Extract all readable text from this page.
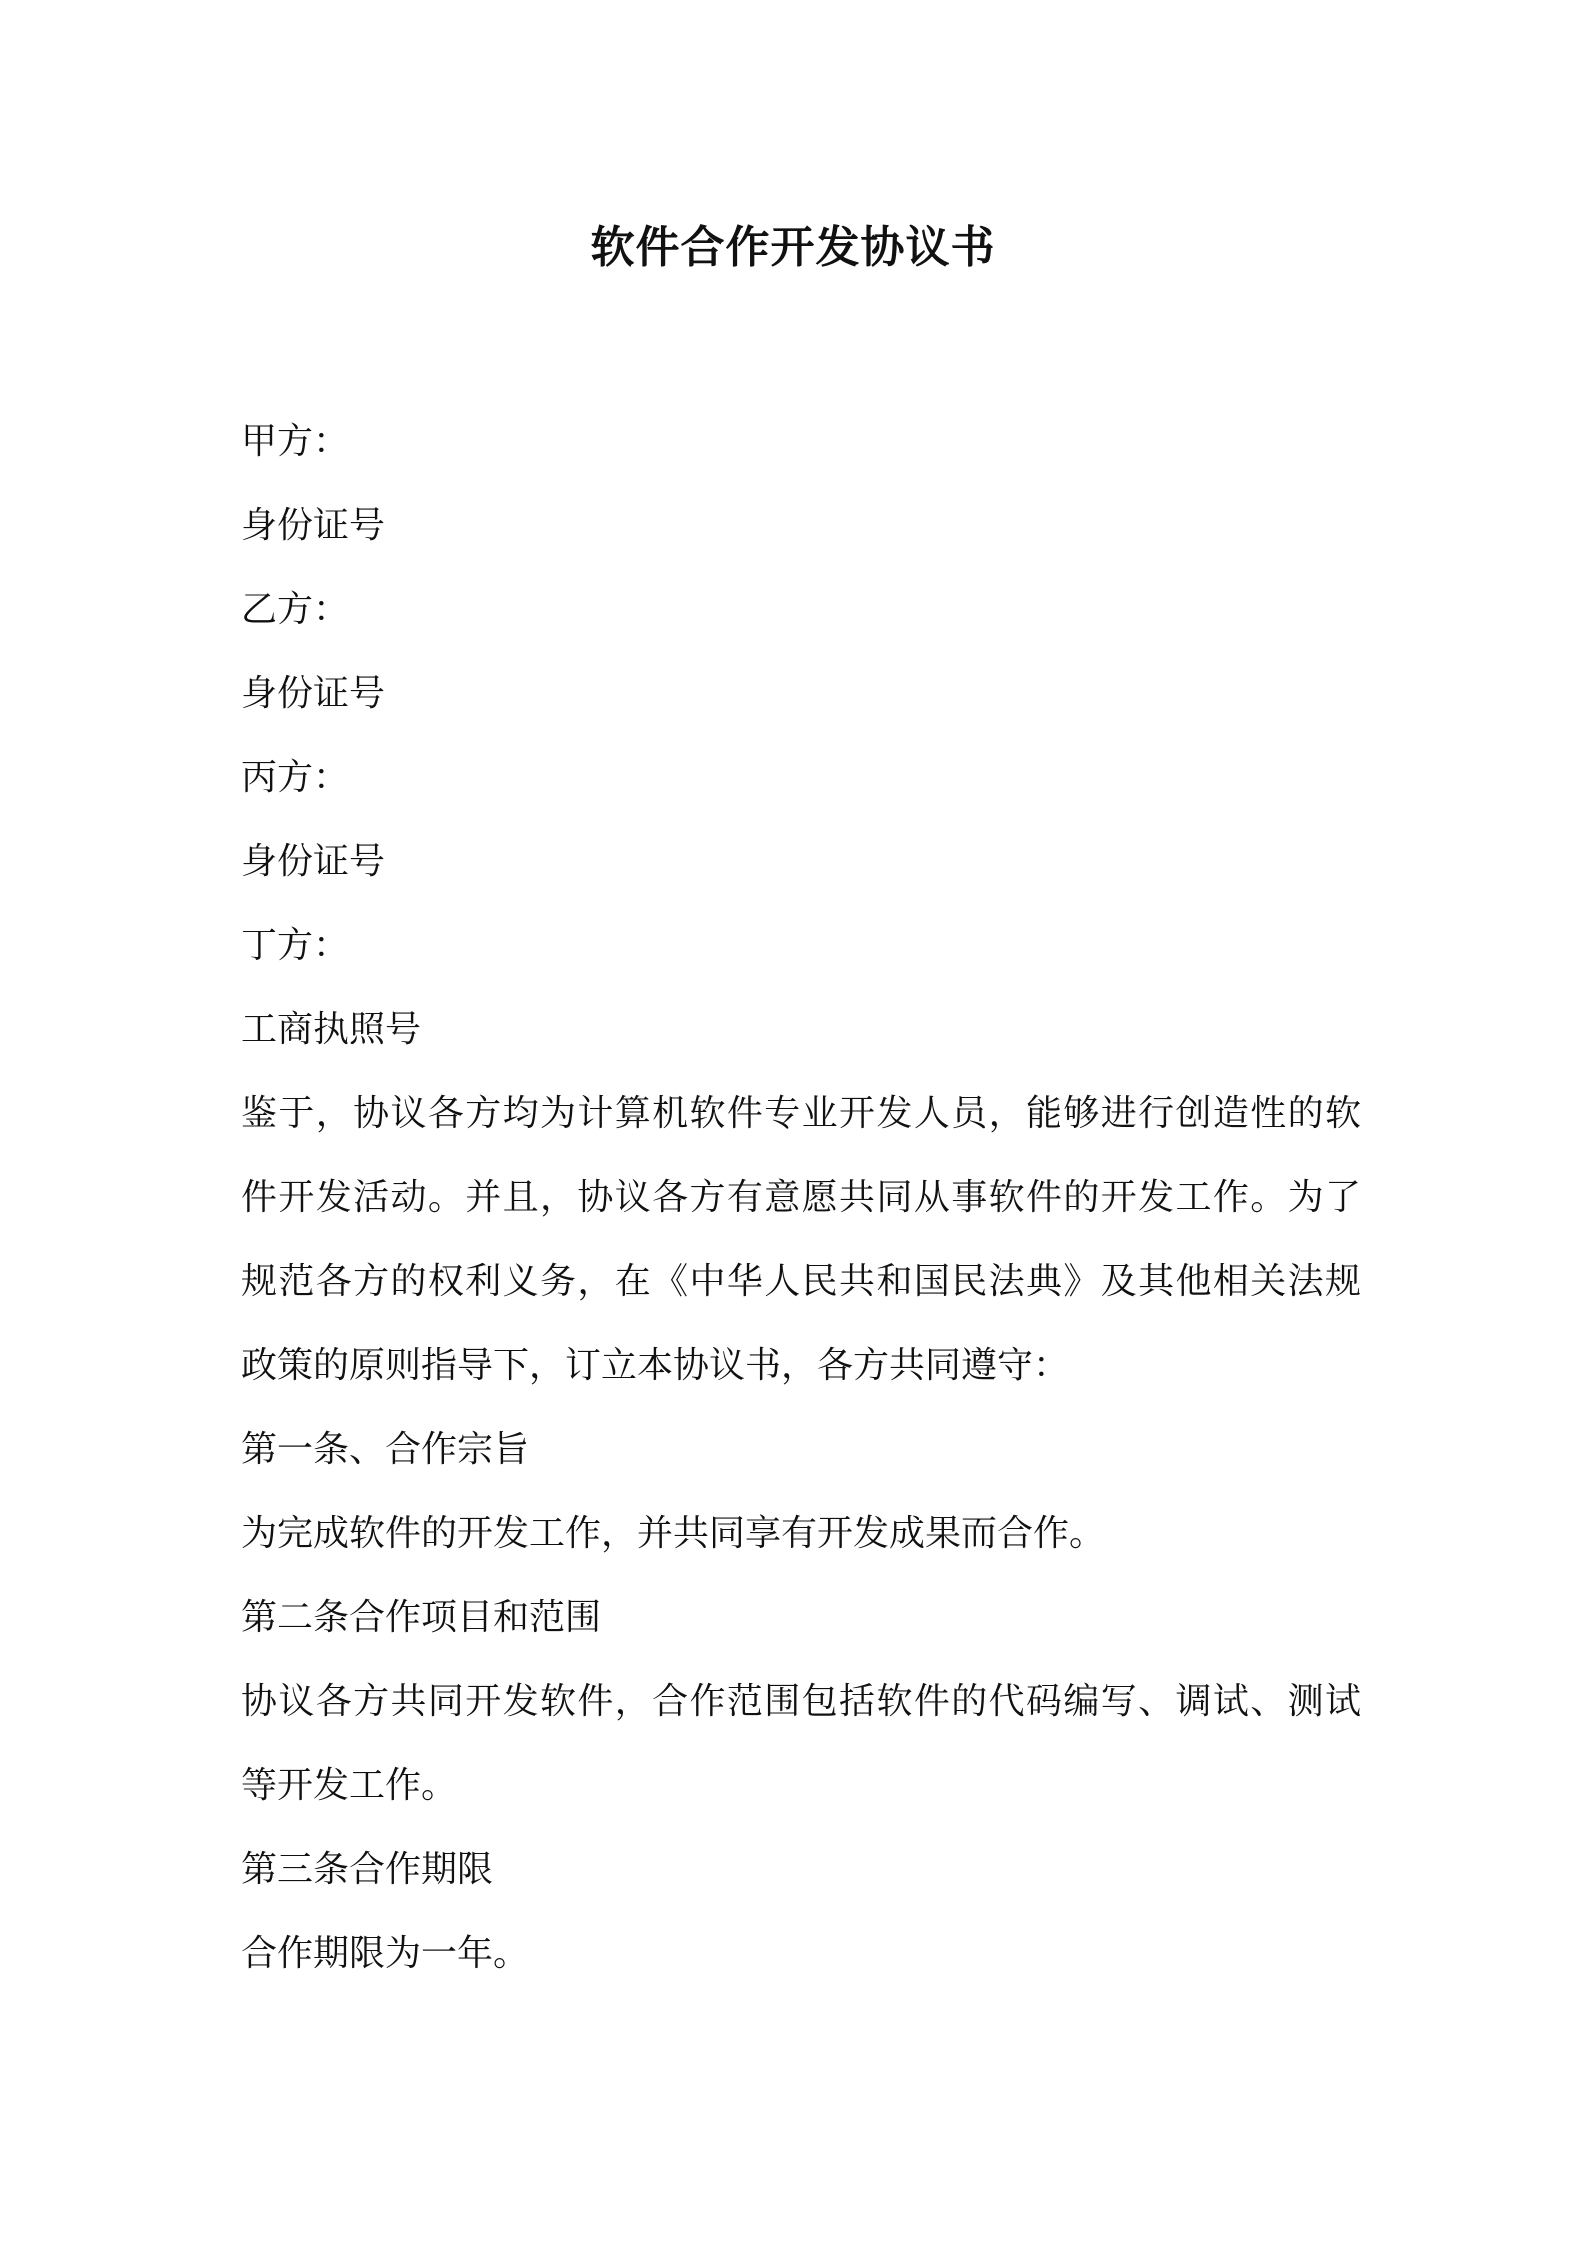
软件合作开发协议书

甲方：

身份证号

乙方：

身份证号

丙方：

身份证号

丁方：

工商执照号

鉴于，协议各方均为计算机软件专业开发人员，能够进行创造性的软

件开发活动。并且，协议各方有意愿共同从事软件的开发工作。为了

规范各方的权利义务，在《中华人民共和国民法典》及其他相关法规

政策的原则指导下，订立本协议书，各方共同遵守：

第一条、合作宗旨

为完成软件的开发工作，并共同享有开发成果而合作。

第二条合作项目和范围

协议各方共同开发软件，合作范围包括软件的代码编写、调试、测试

等开发工作。

第三条合作期限

合作期限为一年。
